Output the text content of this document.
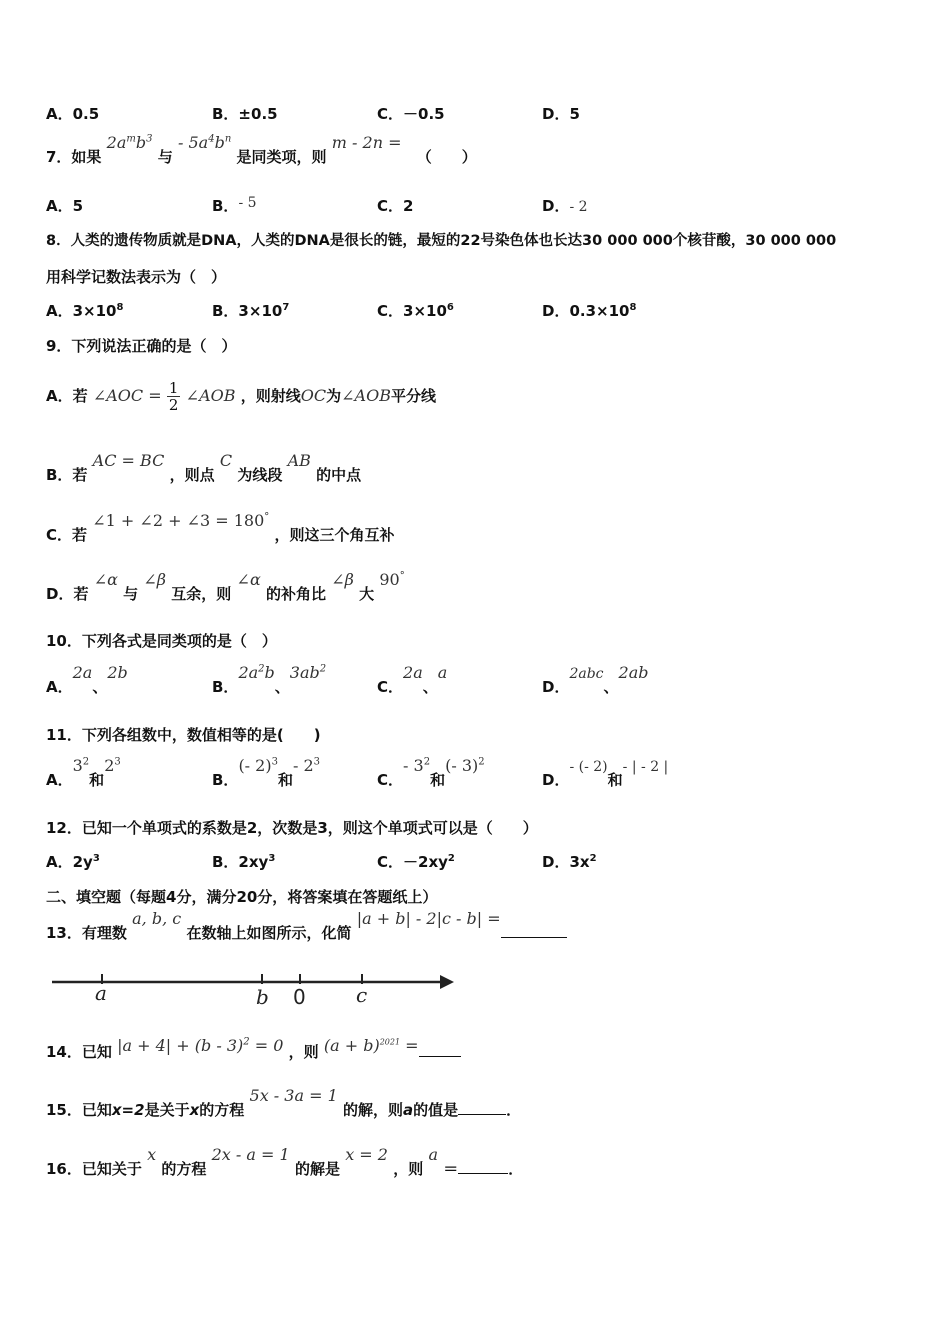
A．0.5	B．±0.5	C．－0.5	D．5
7．如果 $2a^mb^3$ 与 - $5a^4b^n$ 是同类项，则 m - 2n = （　　）
A．5	B．- 5	C．2	D．- 2
8．人类的遗传物质就是DNA，人类的DNA是很长的链，最短的22号染色体也长达30 000 000个核苷酸，30 000 000
用科学记数法表示为（　）
A．$3\times 10^8$	B．$3\times 10^7$	C．$3\times 10^6$	D．$0.3\times 10^8$
9．下列说法正确的是（　）
A．若 ∠AOC = $\frac{1}{2}$ ∠AOB ，则射线OC为∠AOB平分线
B．若 AC = BC ，则点 C 为线段 AB 的中点
C．若 ∠1 + ∠2 + ∠3 = 180° ，则这三个角互补
D．若 ∠α 与 ∠β 互余，则 ∠α 的补角比 ∠β 大 90°
10．下列各式是同类项的是（　）
A．2a、2b
B．$2a^2b$、$3ab^2$
C．2a、a
D．2abc、2ab
11．下列各组数中，数值相等的是(　　)
A．$3^2$和$2^3$
B．(- 2)$^3$和- $2^3$
C．- $3^2$和(- 3)$^2$
D．- (- 2)和- | - 2 |
12．已知一个单项式的系数是2，次数是3，则这个单项式可以是（　　）
A．$2y^3$	B．$2xy^3$	C．$-2xy^2$	D．$3x^2$
二、填空题（每题4分，满分20分，将答案填在答题纸上）
13．有理数 a, b, c 在数轴上如图所示，化简 |a + b| - 2|c - b| =
a	b 0	c
14．已知 |a + 4| + (b - 3)$^2$ = 0 ，则 $(a + b)^{2021}$ =
15．已知x=2是关于x的方程 5x - 3a = 1 的解，则a的值是	．
16．已知关于 x 的方程 2x - a = 1 的解是 x = 2 ，则 a ＝	．
